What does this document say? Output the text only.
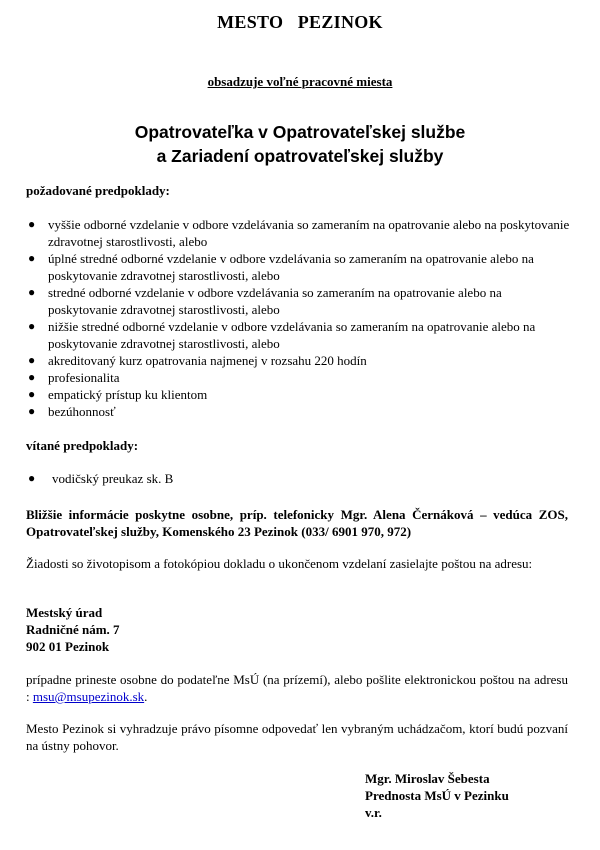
MESTO   PEZINOK
obsadzuje voľné pracovné miesta
Opatrovateľka v Opatrovateľskej službe
a Zariadení opatrovateľskej služby
požadované predpoklady:
● vyššie odborné vzdelanie v odbore vzdelávania so zameraním na opatrovanie alebo na poskytovanie zdravotnej starostlivosti, alebo
● úplné stredné odborné vzdelanie v odbore vzdelávania so zameraním na opatrovanie alebo na poskytovanie zdravotnej starostlivosti, alebo
● stredné odborné vzdelanie v odbore vzdelávania so zameraním na opatrovanie alebo na poskytovanie zdravotnej starostlivosti, alebo
● nižšie stredné odborné vzdelanie v odbore vzdelávania so zameraním na opatrovanie alebo na poskytovanie zdravotnej starostlivosti, alebo
● akreditovaný kurz opatrovania najmenej v rozsahu 220 hodín
● profesionalita
● empatický prístup ku klientom
● bezúhonnosť
vítané predpoklady:
● vodičský preukaz sk. B
Bližšie informácie poskytne osobne, príp. telefonicky Mgr. Alena Černáková – vedúca ZOS, Opatrovateľskej služby, Komenského 23 Pezinok (033/ 6901 970, 972)
Žiadosti so životopisom a fotokópiou dokladu o ukončenom vzdelaní zasielajte poštou na adresu:
Mestský úrad
Radničné nám. 7
902 01 Pezinok
prípadne prineste osobne do podateľne MsÚ (na prízemí), alebo pošlite elektronickou poštou na adresu : msu@msupezinok.sk.
Mesto Pezinok si vyhradzuje právo písomne odpovedať len vybraným uchádzačom, ktorí budú pozvaní na ústny pohovor.
Mgr. Miroslav Šebesta
Prednosta MsÚ v Pezinku
v.r.
